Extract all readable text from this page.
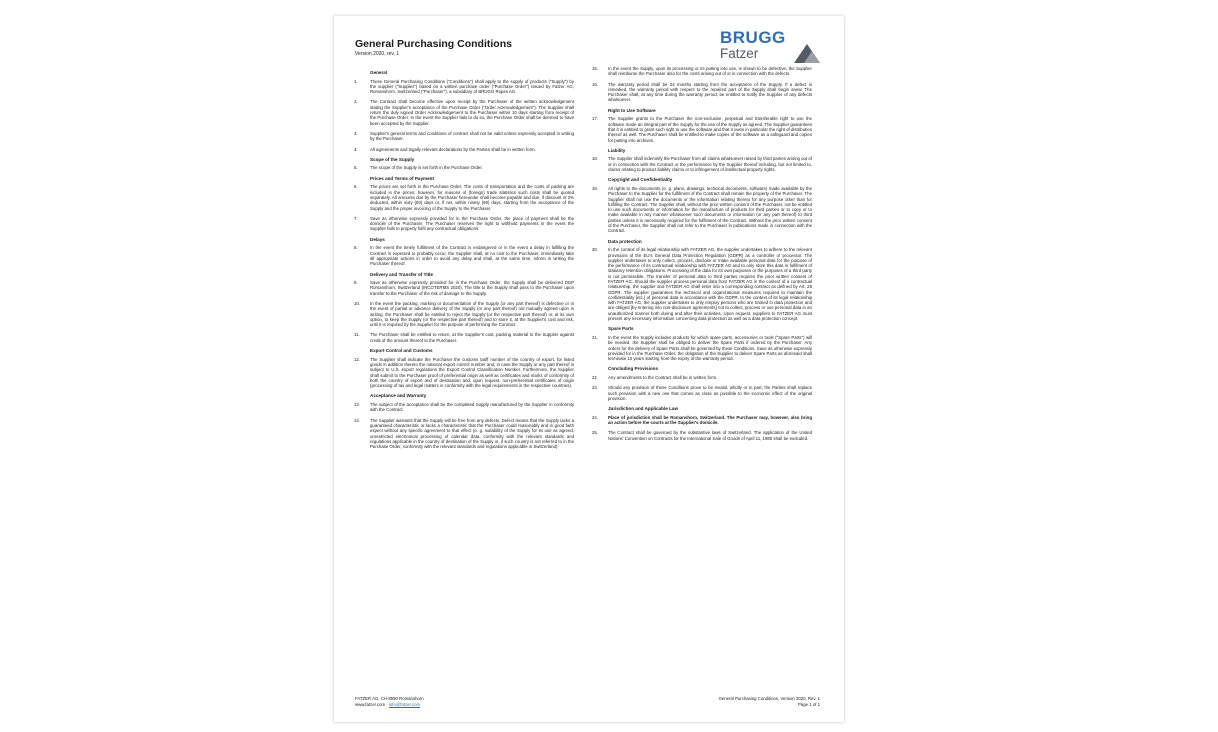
General Purchasing Conditions
Version 2020, rev. 1
BRUGG
Fatzer
General
1.	These General Purchasing Conditions ("Conditions") shall apply to the supply of products ("Supply") by the supplier ("Supplier") based on a written purchase order ("Purchase Order") issued by Fatzer AG, Romanshorn, Switzerland ("Purchaser"), a subsidiary of BRUGG Ropes AG.
2.	The Contract shall become effective upon receipt by the Purchaser of the written acknowledgement stating the Supplier's acceptance of the Purchase Order ("Order Acknowledgement"). The Supplier shall return the duly signed Order Acknowledgement to the Purchaser within 10 days starting from receipt of the Purchase Order. In the event the Supplier fails to do so, the Purchase Order shall be deemed to have been accepted by the Supplier.
3.	Supplier's general terms and conditions of contract shall not be valid unless expressly accepted in writing by the Purchaser.
4.	All agreements and legally relevant declarations by the Parties shall be in written form.
Scope of the Supply
5.	The scope of the Supply is set forth in the Purchase Order.
Prices and Terms of Payment
6.	The prices are set forth in the Purchase Order. The costs of transportation and the costs of packing are included in the prices; however, for reasons of (foreign) trade statistics such costs shall be quoted separately. All amounts due by the Purchaser hereunder shall become payable and due, if discount of 2% deducted, within sixty (60) days or, if net, within ninety (90) days, starting from the acceptance of the Supply and the proper invoicing of the Supply to the Purchaser.
7.	Save as otherwise expressly provided for in the Purchase Order, the place of payment shall be the domicile of the Purchaser. The Purchaser reserves the right to withhold payments in the event the Supplier fails to properly fulfil any contractual obligations.
Delays
8.	In the event the timely fulfilment of the Contract is endangered or in the event a delay in fulfilling the Contract is expected to probably occur, the Supplier shall, at no cost to the Purchaser, immediately take all appropriate actions in order to avoid any delay and shall, at the same time, inform in writing the Purchaser thereof.
Delivery and Transfer of Title
9.	Save as otherwise expressly provided for in the Purchase Order, the Supply shall be delivered DDP Romanshorn, Switzerland (INCOTERMS 2020). The title to the Supply shall pass to the Purchaser upon transfer to the Purchaser of the risk of damage to the Supply.
10.	In the event the packing, marking or documentation of the Supply (or any part thereof) is defective or in the event of partial or advance delivery of the Supply (or any part thereof) not mutually agreed upon in writing, the Purchaser shall be entitled to reject the Supply (or the respective part thereof) or, at its own option, to keep the Supply (or the respective part thereof) and to store it, at the Supplier's cost and risk, until it is required by the Supplier for the purpose of performing the Contract.
11.	The Purchaser shall be entitled to return, at the Supplier's cost, packing material to the Supplier against credit of the amount thereof to the Purchaser.
Export Control and Customs
12.	The Supplier shall indicate the Purchaser the customs tariff number of the country of export, for listed goods in addition thereto the national export control number and, in case the Supply or any part thereof is subject to U.S. export regulations the Export Control Classification Number. Furthermore, the Supplier shall submit to the Purchaser proof of preferential origin as well as certificates and marks of conformity of both the country of export and of destination and, upon request, non-preferential certificates of origin (processing of tax and legal matters in conformity with the legal requirements in the respective countries).
Acceptance and Warranty
13.	The subject of the acceptance shall be the completed Supply manufactured by the Supplier in conformity with the Contract.
14.	The Supplier warrants that the Supply will be free from any defects. Defect means that the Supply lacks a guaranteed characteristic or lacks a characteristic that the Purchaser could reasonably and in good faith expect without any specific agreement to that effect (e. g. suitability of the Supply for its use as agreed, unrestricted electronical processing of calendar data, conformity with the relevant standards and regulations applicable in the country of destination of the Supply or, if such country is not referred to in the Purchase Order, conformity with the relevant standards and regulations applicable in Switzerland).
15.	In the event the Supply, upon its processing or its putting into use, is shown to be defective, the Supplier shall reimburse the Purchaser also for the costs arising out of or in connection with the defects.
16.	The warranty period shall be 24 months starting from the acceptance of the Supply. If a defect is remedied, the warranty period with respect to the repaired part of the Supply shall begin anew. The Purchaser shall, at any time during the warranty period, be entitled to notify the Supplier of any defects whatsoever.
Right to Use Software
17.	The Supplier grants to the Purchaser the non-exclusive, perpetual and transferable right to use the software made an integral part of the Supply for the use of the Supply as agreed. The Supplier guarantees that it is entitled to grant such right to use the software and that it owns in particular the right of distribution thereof as well. The Purchaser shall be entitled to make copies of the software as a safeguard and copies for putting into archives.
Liability
18.	The Supplier shall indemnify the Purchaser from all claims whatsoever raised by third parties arising out of or in connection with the Contract or the performance by the Supplier thereof including, but not limited to, claims relating to product liability claims or to infringement of intellectual property rights.
Copyright and Confidentiality
19.	All rights to the documents (e. g. plans, drawings, technical documents, software) made available by the Purchaser to the Supplier for the fulfilment of the Contract shall remain the property of the Purchaser. The Supplier shall not use the documents or the information relating thereto for any purpose other than for fulfilling the Contract. The Supplier shall, without the prior written consent of the Purchaser, not be entitled to use such documents or information for the manufacture of products for third parties or to copy or to make available in any manner whatsoever such documents or information (or any part thereof) to third parties unless it is necessarily required for the fulfilment of the Contract. Without the prior written consent of the Purchaser, the Supplier shall not refer to the Purchaser in publications made in connection with the Contract.
Data protection
20.	In the context of its legal relationship with FATZER AG, the supplier undertakes to adhere to the relevant provisions of the EU's General Data Protection Regulation (GDPR) as a controller or processor. The supplier undertakes to only collect, process, disclose or make available personal data for the purpose of the performance of its contractual relationship with FATZER AG and to only store this data in fulfilment of statutory retention obligations. Processing of the data for its own purposes or the purposes of a third party is not permissible. The transfer of personal data to third parties requires the prior written consent of FATZER AG. Should the supplier process personal data from FATZER AG in the context of a contractual relationship, the supplier and FATZER AG shall enter into a corresponding contract as defined by Art. 28 GDPR. The supplier guarantees the technical and organizational measures required to maintain the confidentiality [etc.] of personal data in accordance with the GDPR. In the context of its legal relationship with FATZER AG, the supplier undertakes to only employ persons who are trained in data protection and are obliged [by entering into non-disclosure agreements] not to collect, process or use personal data in an unauthorized manner both during and after their activities. Upon request, suppliers to FATZER AG must present any necessary information concerning data protection as well as a data protection concept.
Spare Parts
21.	In the event the Supply includes products for which spare parts, accessories or tools ("Spare Parts") will be needed, the Supplier shall be obliged to deliver the Spare Parts if ordered by the Purchaser. Any orders for the delivery of Spare Parts shall be governed by these Conditions. Save as otherwise expressly provided for in the Purchase Order, the obligation of the Supplier to deliver Spare Parts as aforesaid shall terminate 10 years starting from the expiry of the warranty period.
Concluding Provisions
22.	Any amendments to the Contract shall be in written form.
23.	Should any provision of these Conditions prove to be invalid, wholly or in part, the Parties shall replace such provision with a new one that comes as close as possible to the economic effect of the original provision.
Jurisdiction and Applicable Law
24.	Place of jurisdiction shall be Romanshorn, Switzerland. The Purchaser may, however, also bring an action before the courts at the Supplier's domicile.
25.	The Contract shall be governed by the substantive laws of Switzerland. The application of the United Nations' Convention on Contracts for the International Sale of Goods of April 11, 1980 shall be excluded.
FATZER AG, CH-8590 Romanshorn
www.fatzer.com · info@fatzer.com
General Purchasing Conditions, Version 2020, Rev. 1
Page 1 of 1
